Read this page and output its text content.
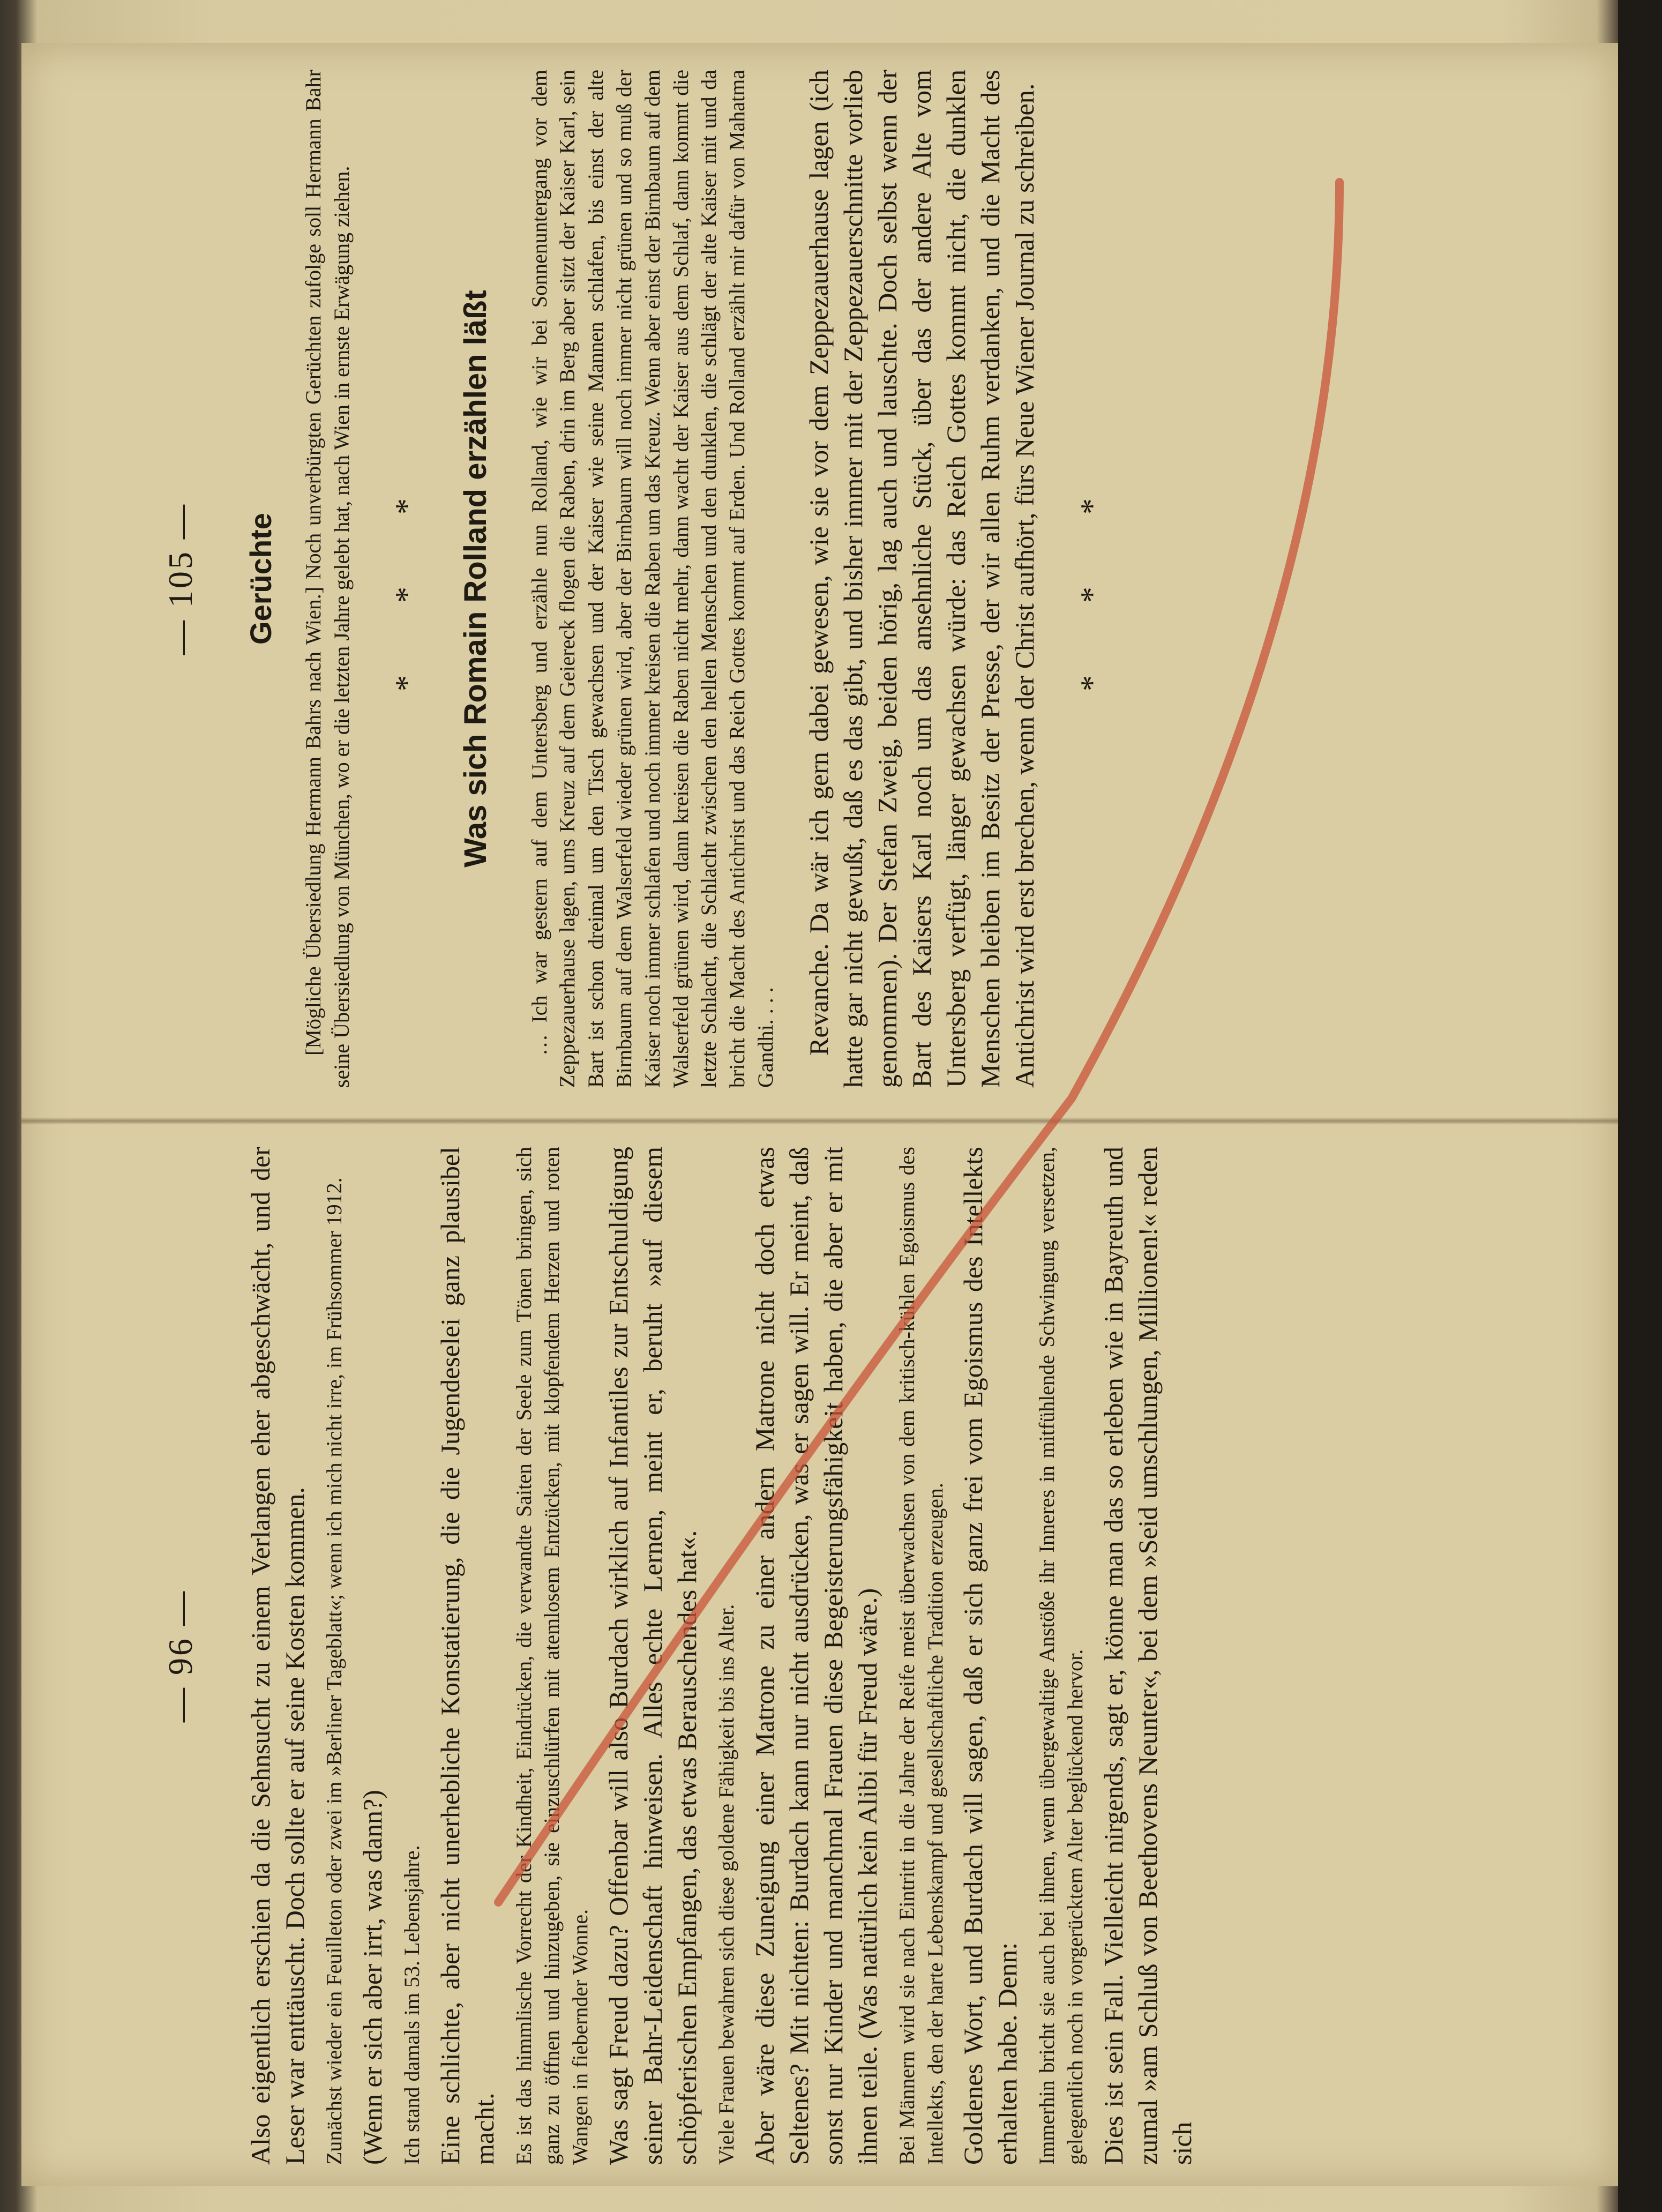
— 105 — Gerüchte [Mögliche Übersiedlung Hermann Bahrs nach Wien.] Noch unverbürgten Gerüchten zufolge soll Hermann Bahr seine Übersiedlung von München, wo er die letzten Jahre gelebt hat, nach Wien in ernste Erwägung ziehen. * * * Was sich Romain Rolland erzählen läßt … Ich war gestern auf dem Untersberg und erzähle nun Rolland, wie wir bei Sonnenuntergang vor dem Zeppezauerhause lagen, ums Kreuz auf dem Geiereck flogen die Raben, drin im Berg aber sitzt der Kaiser Karl, sein Bart ist schon dreimal um den Tisch gewachsen und der Kaiser wie seine Mannen schlafen, bis einst der alte Birnbaum auf dem Walserfeld wieder grünen wird, aber der Birnbaum will noch immer nicht grünen und so muß der Kaiser noch immer schlafen und noch immer kreisen die Raben um das Kreuz. Wenn aber einst der Birnbaum auf dem Walserfeld grünen wird, dann kreisen die Raben nicht mehr, dann wacht der Kaiser aus dem Schlaf, dann kommt die letzte Schlacht, die Schlacht zwischen den hellen Menschen und den dunklen, die schlägt der alte Kaiser mit und da bricht die Macht des Antichrist und das Reich Gottes kommt auf Erden. Und Rolland erzählt mir dafür von Mahatma Gandhi. . . . Revanche. Da wär ich gern dabei gewesen, wie sie vor dem Zeppezauerhause lagen (ich hatte gar nicht gewußt, daß es das gibt, und bisher immer mit der Zeppezauerschnitte vorlieb genommen). Der Stefan Zweig, beiden hörig, lag auch und lauschte. Doch selbst wenn der Bart des Kaisers Karl noch um das ansehnliche Stück, über das der andere Alte vom Untersberg verfügt, länger gewachsen würde: das Reich Gottes kommt nicht, die dunklen Menschen bleiben im Besitz der Presse, der wir allen Ruhm verdanken, und die Macht des Antichrist wird erst brechen, wenn der Christ aufhört, fürs Neue Wiener Journal zu schreiben. * * *
— 96 — Also eigentlich erschien da die Sehnsucht zu einem Verlangen eher abgeschwächt, und der Leser war enttäuscht. Doch sollte er auf seine Kosten kommen. Zunächst wieder ein Feuilleton oder zwei im »Berliner Tageblatt«; wenn ich mich nicht irre, im Frühsommer 1912. (Wenn er sich aber irrt, was dann?) Ich stand damals im 53. Lebensjahre. Eine schlichte, aber nicht unerhebliche Konstatierung, die die Jugendeselei ganz plausibel macht. Es ist das himmlische Vorrecht der Kindheit, Eindrücken, die verwandte Saiten der Seele zum Tönen bringen, sich ganz zu öffnen und hinzugeben, sie einzuschlürfen mit atemlosem Entzücken, mit klopfendem Herzen und roten Wangen in fiebernder Wonne. Was sagt Freud dazu? Offenbar will also Burdach wirklich auf Infantiles zur Entschuldigung seiner Bahr-Leidenschaft hinweisen. Alles echte Lernen, meint er, beruht »auf diesem schöpferischen Empfangen, das etwas Berauschendes hat«. Viele Frauen bewahren sich diese goldene Fähigkeit bis ins Alter. Aber wäre diese Zuneigung einer Matrone zu einer andern Matrone nicht doch etwas Seltenes? Mit nichten: Burdach kann nur nicht ausdrücken, was er sagen will. Er meint, daß sonst nur Kinder und manchmal Frauen diese Begeisterungsfähigkeit haben, die aber er mit ihnen teile. (Was natürlich kein Alibi für Freud wäre.) Bei Männern wird sie nach Eintritt in die Jahre der Reife meist überwachsen von dem kritisch-kühlen Egoismus des Intellekts, den der harte Lebenskampf und gesellschaftliche Tradition erzeugen. Goldenes Wort, und Burdach will sagen, daß er sich ganz frei vom Egoismus des Intellekts erhalten habe. Denn: Immerhin bricht sie auch bei ihnen, wenn übergewaltige Anstöße ihr Inneres in mitfühlende Schwingung versetzen, gelegentlich noch in vorgerücktem Alter beglückend hervor. Dies ist sein Fall. Vielleicht nirgends, sagt er, könne man das so erleben wie in Bayreuth und zumal »am Schluß von Beethovens Neunter«, bei dem »Seid umschlungen, Millionen!« reden sich
